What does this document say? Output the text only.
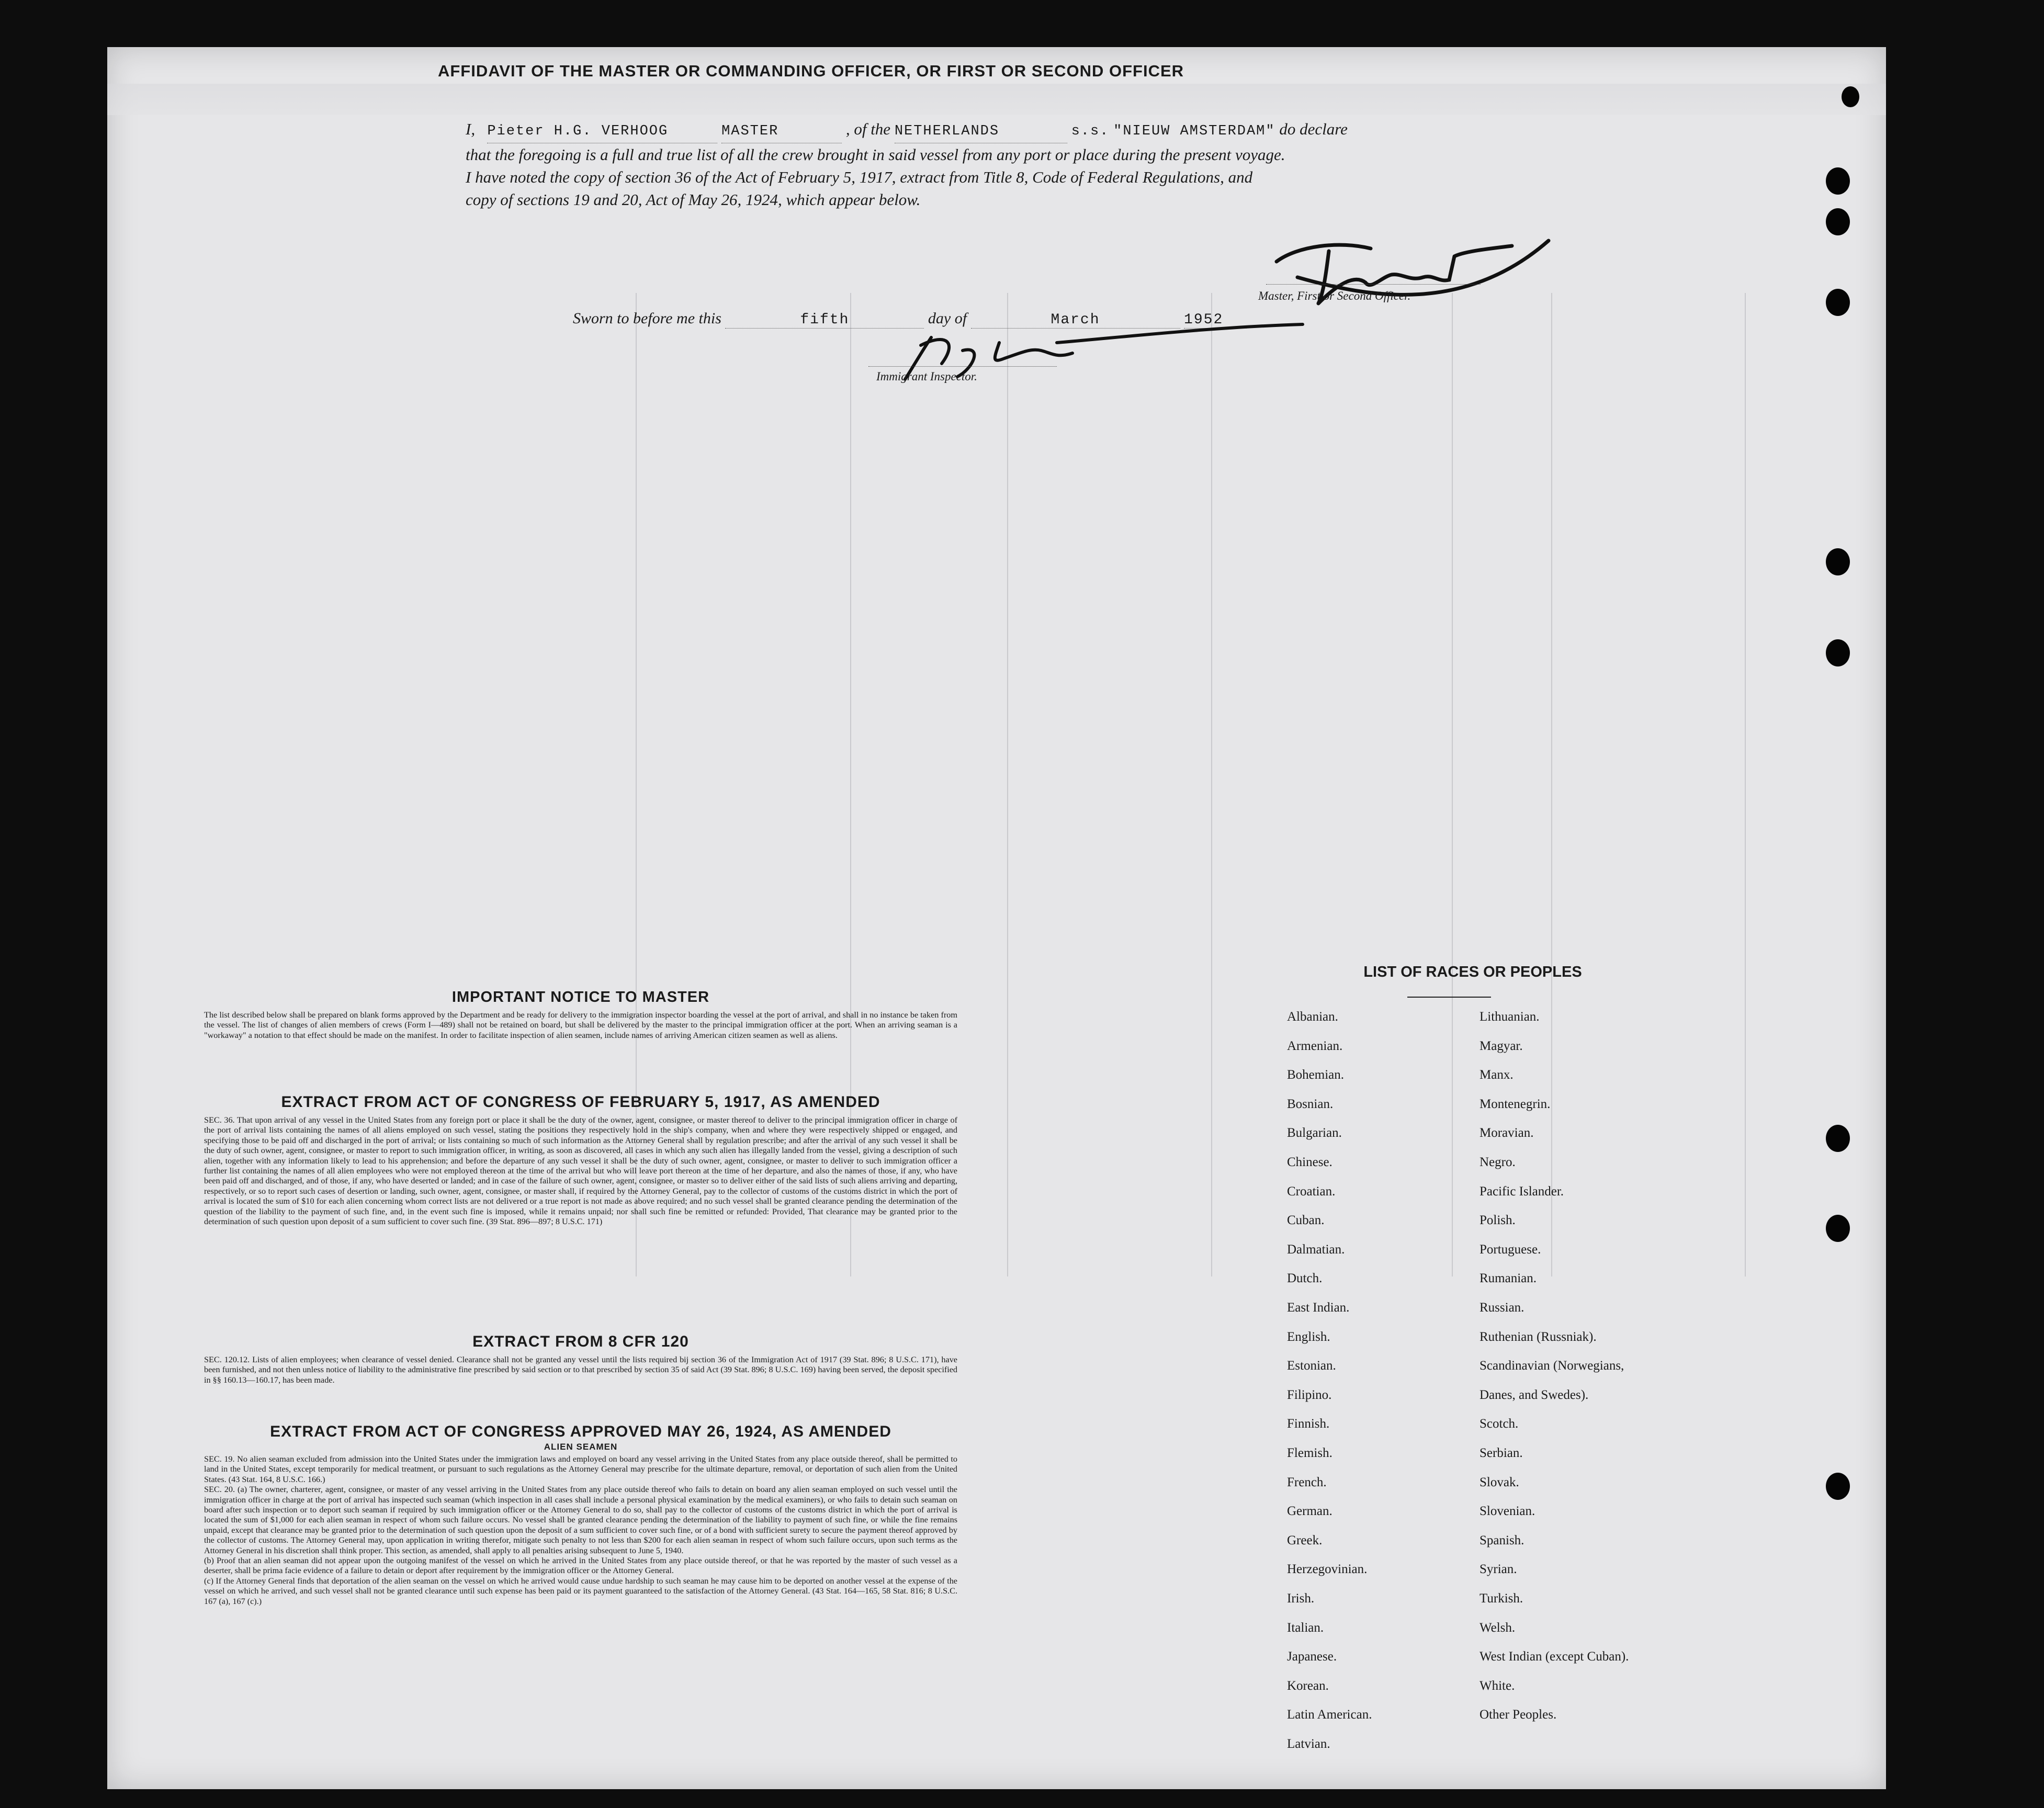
AFFIDAVIT OF THE MASTER OR COMMANDING OFFICER, OR FIRST OR SECOND OFFICER
I, Pieter H.G. VERHOOG	MASTER	, of the NETHERLANDS	s.s. "NIEUW AMSTERDAM" do declare
that the foregoing is a full and true list of all the crew brought in said vessel from any port or place during the present voyage.
I have noted the copy of section 36 of the Act of February 5, 1917, extract from Title 8, Code of Federal Regulations, and
copy of sections 19 and 20, Act of May 26, 1924, which appear below.
Master, First or Second Officer.
Sworn to before me this	fifth	day of	March	1952
Immigrant Inspector.

IMPORTANT NOTICE TO MASTER

The list described below shall be prepared on blank forms approved by the Department and be ready for delivery to the immigration inspector boarding the vessel at the port of arrival, and shall in no instance be taken from the vessel. The list of changes of alien members of crews (Form I—489) shall not be retained on board, but shall be delivered by the master to the principal immigration officer at the port. When an arriving seaman is a "workaway" a notation to that effect should be made on the manifest. In order to facilitate inspection of alien seamen, include names of arriving American citizen seamen as well as aliens.

EXTRACT FROM ACT OF CONGRESS OF FEBRUARY 5, 1917, AS AMENDED

SEC. 36. That upon arrival of any vessel in the United States from any foreign port or place it shall be the duty of the owner, agent, consignee, or master thereof to deliver to the principal immigration officer in charge of the port of arrival lists containing the names of all aliens employed on such vessel, stating the positions they respectively hold in the ship's company, when and where they were respectively shipped or engaged, and specifying those to be paid off and discharged in the port of arrival; or lists containing so much of such information as the Attorney General shall by regulation prescribe; and after the arrival of any such vessel it shall be the duty of such owner, agent, consignee, or master to report to such immigration officer, in writing, as soon as discovered, all cases in which any such alien has illegally landed from the vessel, giving a description of such alien, together with any information likely to lead to his apprehension; and before the departure of any such vessel it shall be the duty of such owner, agent, consignee, or master to deliver to such immigration officer a further list containing the names of all alien employees who were not employed thereon at the time of the arrival but who will leave port thereon at the time of her departure, and also the names of those, if any, who have been paid off and discharged, and of those, if any, who have deserted or landed; and in case of the failure of such owner, agent, consignee, or master so to deliver either of the said lists of such aliens arriving and departing, respectively, or so to report such cases of desertion or landing, such owner, agent, consignee, or master shall, if required by the Attorney General, pay to the collector of customs of the customs district in which the port of arrival is located the sum of $10 for each alien concerning whom correct lists are not delivered or a true report is not made as above required; and no such vessel shall be granted clearance pending the determination of the question of the liability to the payment of such fine, and, in the event such fine is imposed, while it remains unpaid; nor shall such fine be remitted or refunded: Provided, That clearance may be granted prior to the determination of such question upon deposit of a sum sufficient to cover such fine. (39 Stat. 896—897; 8 U.S.C. 171)

EXTRACT FROM 8 CFR 120

SEC. 120.12. Lists of alien employees; when clearance of vessel denied. Clearance shall not be granted any vessel until the lists required bij section 36 of the Immigration Act of 1917 (39 Stat. 896; 8 U.S.C. 171), have been furnished, and not then unless notice of liability to the administrative fine prescribed by said section or to that prescribed by section 35 of said Act (39 Stat. 896; 8 U.S.C. 169) having been served, the deposit specified in §§ 160.13—160.17, has been made.

EXTRACT FROM ACT OF CONGRESS APPROVED MAY 26, 1924, AS AMENDED

ALIEN SEAMEN

SEC. 19. No alien seaman excluded from admission into the United States under the immigration laws and employed on board any vessel arriving in the United States from any place outside thereof, shall be permitted to land in the United States, except temporarily for medical treatment, or pursuant to such regulations as the Attorney General may prescribe for the ultimate departure, removal, or deportation of such alien from the United States. (43 Stat. 164, 8 U.S.C. 166.)

SEC. 20. (a) The owner, charterer, agent, consignee, or master of any vessel arriving in the United States from any place outside thereof who fails to detain on board any alien seaman employed on such vessel until the immigration officer in charge at the port of arrival has inspected such seaman (which inspection in all cases shall include a personal physical examination by the medical examiners), or who fails to detain such seaman on board after such inspection or to deport such seaman if required by such immigration officer or the Attorney General to do so, shall pay to the collector of customs of the customs district in which the port of arrival is located the sum of $1,000 for each alien seaman in respect of whom such failure occurs. No vessel shall be granted clearance pending the determination of the liability to payment of such fine, or while the fine remains unpaid, except that clearance may be granted prior to the determination of such question upon the deposit of a sum sufficient to cover such fine, or of a bond with sufficient surety to secure the payment thereof approved by the collector of customs. The Attorney General may, upon application in writing therefor, mitigate such penalty to not less than $200 for each alien seaman in respect of whom such failure occurs, upon such terms as the Attorney General in his discretion shall think proper. This section, as amended, shall apply to all penalties arising subsequent to June 5, 1940.

(b) Proof that an alien seaman did not appear upon the outgoing manifest of the vessel on which he arrived in the United States from any place outside thereof, or that he was reported by the master of such vessel as a deserter, shall be prima facie evidence of a failure to detain or deport after requirement by the immigration officer or the Attorney General.

(c) If the Attorney General finds that deportation of the alien seaman on the vessel on which he arrived would cause undue hardship to such seaman he may cause him to be deported on another vessel at the expense of the vessel on which he arrived, and such vessel shall not be granted clearance until such expense has been paid or its payment guaranteed to the satisfaction of the Attorney General. (43 Stat. 164—165, 58 Stat. 816; 8 U.S.C. 167 (a), 167 (c).)

LIST OF RACES OR PEOPLES
Albanian.
Armenian.
Bohemian.
Bosnian.
Bulgarian.
Chinese.
Croatian.
Cuban.
Dalmatian.
Dutch.
East Indian.
English.
Estonian.
Filipino.
Finnish.
Flemish.
French.
German.
Greek.
Herzegovinian.
Irish.
Italian.
Japanese.
Korean.
Latin American.
Latvian.
Lithuanian.
Magyar.
Manx.
Montenegrin.
Moravian.
Negro.
Pacific Islander.
Polish.
Portuguese.
Rumanian.
Russian.
Ruthenian (Russniak).
Scandinavian (Norwegians,
Danes, and Swedes).
Scotch.
Serbian.
Slovak.
Slovenian.
Spanish.
Syrian.
Turkish.
Welsh.
West Indian (except Cuban).
White.
Other Peoples.
